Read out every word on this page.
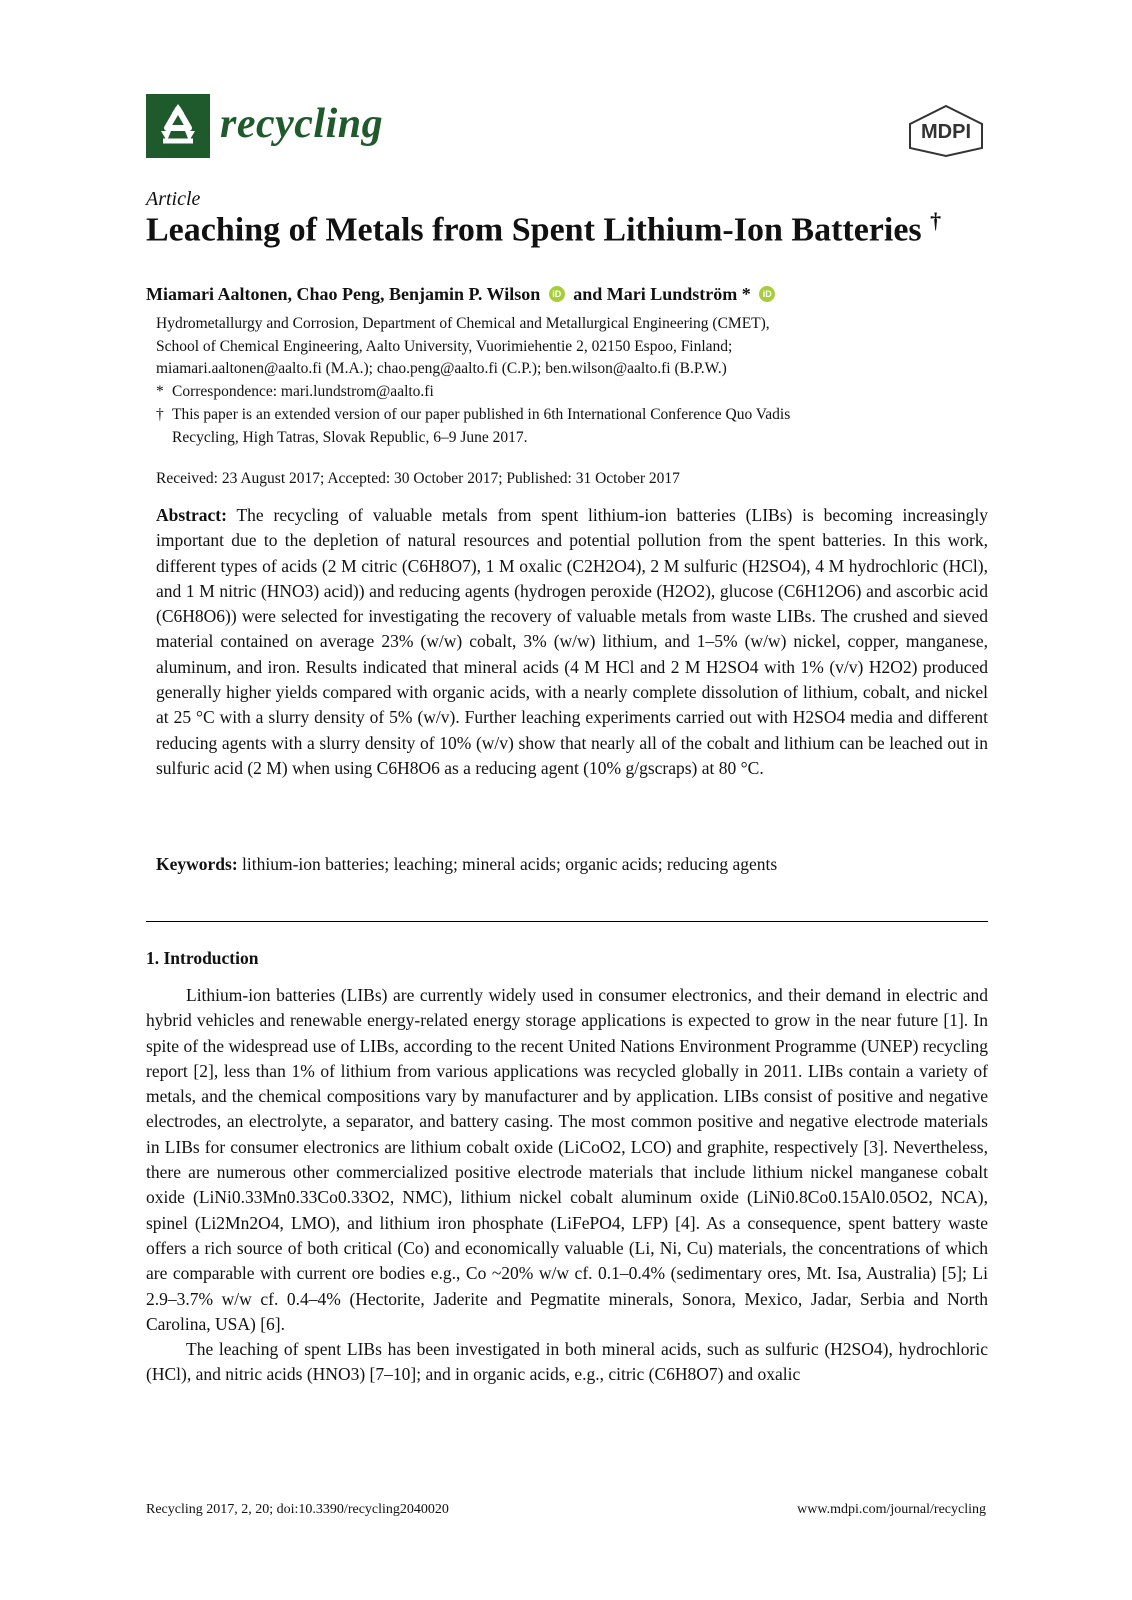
recycling	MDPI
Article
Leaching of Metals from Spent Lithium-Ion Batteries †
Miamari Aaltonen, Chao Peng, Benjamin P. Wilson iD and Mari Lundström * iD
Hydrometallurgy and Corrosion, Department of Chemical and Metallurgical Engineering (CMET),
School of Chemical Engineering, Aalto University, Vuorimiehentie 2, 02150 Espoo, Finland;
miamari.aaltonen@aalto.fi (M.A.); chao.peng@aalto.fi (C.P.); ben.wilson@aalto.fi (B.P.W.)
* Correspondence: mari.lundstrom@aalto.fi
† This paper is an extended version of our paper published in 6th International Conference Quo Vadis
Recycling, High Tatras, Slovak Republic, 6–9 June 2017.
Received: 23 August 2017; Accepted: 30 October 2017; Published: 31 October 2017
Abstract: The recycling of valuable metals from spent lithium-ion batteries (LIBs) is becoming increasingly important due to the depletion of natural resources and potential pollution from the spent batteries. In this work, different types of acids (2 M citric (C6H8O7), 1 M oxalic (C2H2O4), 2 M sulfuric (H2SO4), 4 M hydrochloric (HCl), and 1 M nitric (HNO3) acid)) and reducing agents (hydrogen peroxide (H2O2), glucose (C6H12O6) and ascorbic acid (C6H8O6)) were selected for investigating the recovery of valuable metals from waste LIBs. The crushed and sieved material contained on average 23% (w/w) cobalt, 3% (w/w) lithium, and 1–5% (w/w) nickel, copper, manganese, aluminum, and iron. Results indicated that mineral acids (4 M HCl and 2 M H2SO4 with 1% (v/v) H2O2) produced generally higher yields compared with organic acids, with a nearly complete dissolution of lithium, cobalt, and nickel at 25 °C with a slurry density of 5% (w/v). Further leaching experiments carried out with H2SO4 media and different reducing agents with a slurry density of 10% (w/v) show that nearly all of the cobalt and lithium can be leached out in sulfuric acid (2 M) when using C6H8O6 as a reducing agent (10% g/gscraps) at 80 °C.
Keywords: lithium-ion batteries; leaching; mineral acids; organic acids; reducing agents
1. Introduction

Lithium-ion batteries (LIBs) are currently widely used in consumer electronics, and their demand in electric and hybrid vehicles and renewable energy-related energy storage applications is expected to grow in the near future [1]. In spite of the widespread use of LIBs, according to the recent United Nations Environment Programme (UNEP) recycling report [2], less than 1% of lithium from various applications was recycled globally in 2011. LIBs contain a variety of metals, and the chemical compositions vary by manufacturer and by application. LIBs consist of positive and negative electrodes, an electrolyte, a separator, and battery casing. The most common positive and negative electrode materials in LIBs for consumer electronics are lithium cobalt oxide (LiCoO2, LCO) and graphite, respectively [3]. Nevertheless, there are numerous other commercialized positive electrode materials that include lithium nickel manganese cobalt oxide (LiNi0.33Mn0.33Co0.33O2, NMC), lithium nickel cobalt aluminum oxide (LiNi0.8Co0.15Al0.05O2, NCA), spinel (Li2Mn2O4, LMO), and lithium iron phosphate (LiFePO4, LFP) [4]. As a consequence, spent battery waste offers a rich source of both critical (Co) and economically valuable (Li, Ni, Cu) materials, the concentrations of which are comparable with current ore bodies e.g., Co ~20% w/w cf. 0.1–0.4% (sedimentary ores, Mt. Isa, Australia) [5]; Li 2.9–3.7% w/w cf. 0.4–4% (Hectorite, Jaderite and Pegmatite minerals, Sonora, Mexico, Jadar, Serbia and North Carolina, USA) [6].

The leaching of spent LIBs has been investigated in both mineral acids, such as sulfuric (H2SO4), hydrochloric (HCl), and nitric acids (HNO3) [7–10]; and in organic acids, e.g., citric (C6H8O7) and oxalic

Recycling 2017, 2, 20; doi:10.3390/recycling2040020	www.mdpi.com/journal/recycling
